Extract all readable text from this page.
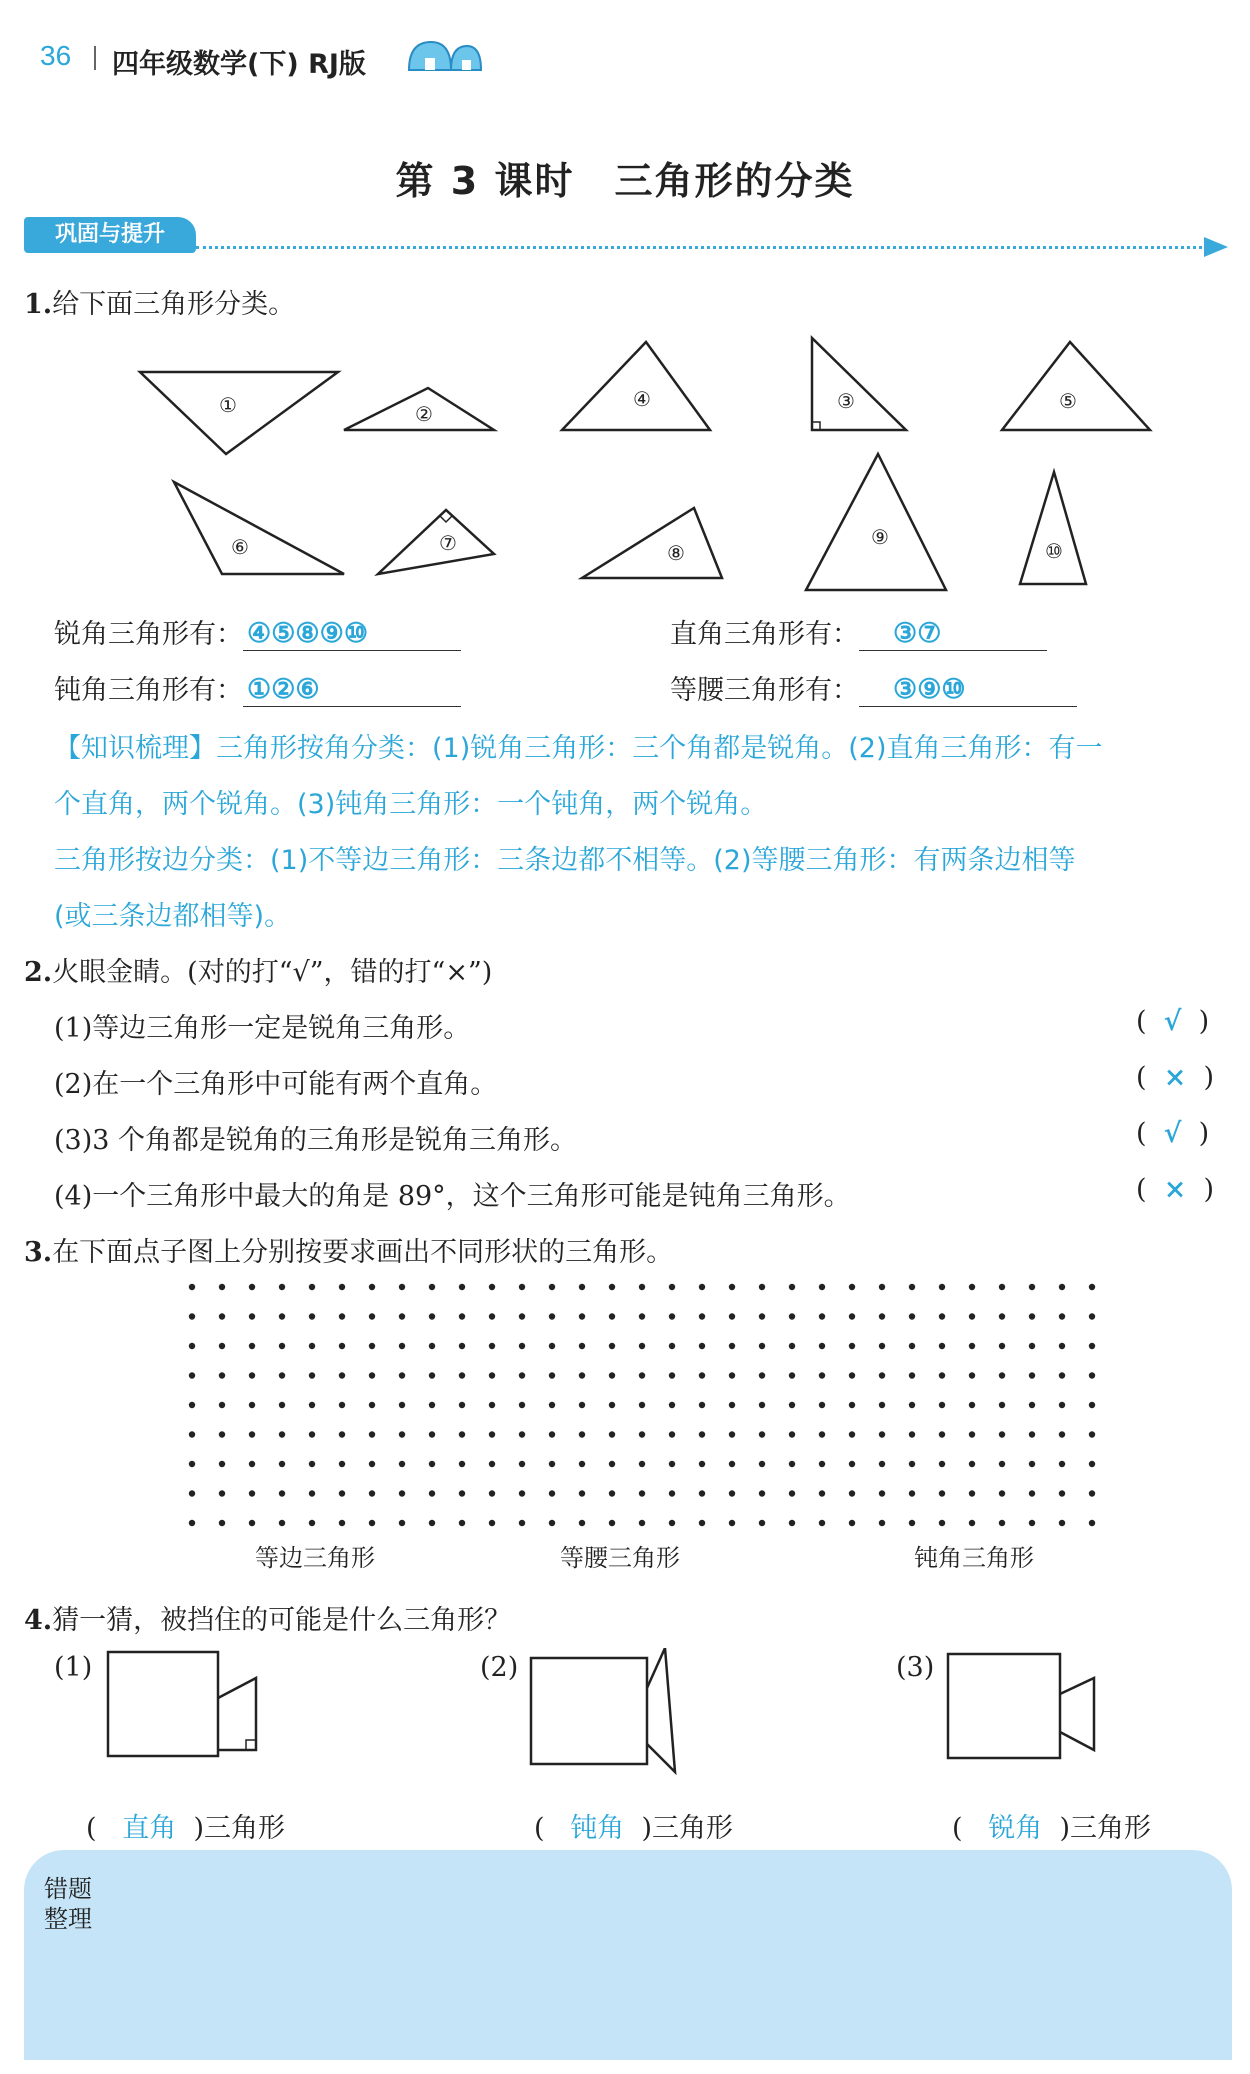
36 四年级数学(下) RJ版
第 3 课时　三角形的分类
巩固与提升
1.给下面三角形分类。
①	②
③
④	⑤
⑥	⑦	⑧
⑨
⑩
锐角三角形有： ④⑤⑧⑨⑩	直角三角形有： ③⑦
钝角三角形有： ①②⑥	等腰三角形有： ③⑨⑩
【知识梳理】三角形按角分类：(1)锐角三角形：三个角都是锐角。(2)直角三角形：有一
个直角，两个锐角。(3)钝角三角形：一个钝角，两个锐角。
三角形按边分类：(1)不等边三角形：三条边都不相等。(2)等腰三角形：有两条边相等
(或三条边都相等)。
2.火眼金睛。(对的打“√”，错的打“×”)
(1)等边三角形一定是锐角三角形。	(  √  )
(2)在一个三角形中可能有两个直角。	(  ×  )
(3)3 个角都是锐角的三角形是锐角三角形。	(  √  )
(4)一个三角形中最大的角是 89°，这个三角形可能是钝角三角形。	(  ×  )
3.在下面点子图上分别按要求画出不同形状的三角形。
等边三角形	等腰三角形	钝角三角形
4.猜一猜，被挡住的可能是什么三角形？
(1)	(2)	(3)
( 直角 )三角形	( 钝角 )三角形	( 锐角 )三角形
错题
整理
